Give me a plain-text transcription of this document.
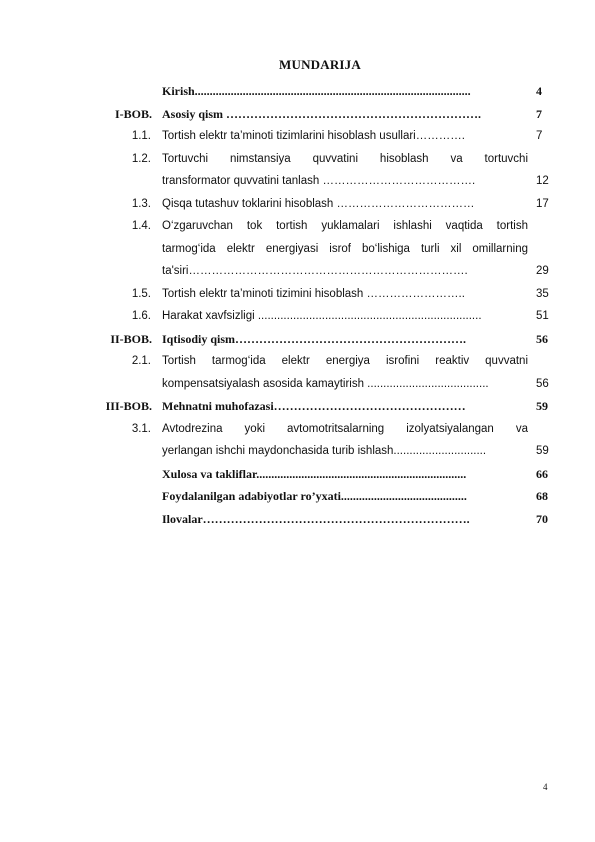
MUNDARIJA
Kirish............................................................................................	4
I-BOB. Asosiy qism ……………………………………………………….	7
1.1. Tortish elektr ta’minoti tizimlarini hisoblash usullari………….	7
1.2. Tortuvchi nimstansiya quvvatini hisoblash va tortuvchi
transformator quvvatini tanlash ………………………………….	12
1.3. Qisqa tutashuv toklarini hisoblash ………………………………	17
1.4. O‘zgaruvchan tok tortish yuklamalari ishlashi vaqtida tortish
tarmog‘ida elektr energiyasi isrof bo‘lishiga turli xil omillarning
ta'siri……………………………………………………………….	29
1.5. Tortish elektr ta’minoti tizimini hisoblash ……………………..	35
1.6. Harakat xavfsizligi ......................................................................	51
II-BOB. Iqtisodiy qism………………………………………………….	56
2.1. Tortish tarmog‘ida elektr energiya isrofini reaktiv quvvatni
kompensatsiyalash asosida kamaytirish ......................................	56
III-BOB. Mehnatni muhofazasi…………………………………………	59
3.1. Avtodrezina yoki avtomotritsalarning izolyatsiyalangan va
yerlangan ishchi maydonchasida turib ishlash.............................	59
Xulosa va takliflar......................................................................	66
Foydalanilgan adabiyotlar ro’yxati..........................................	68
Ilovalar………………………………………………………….	70
4
